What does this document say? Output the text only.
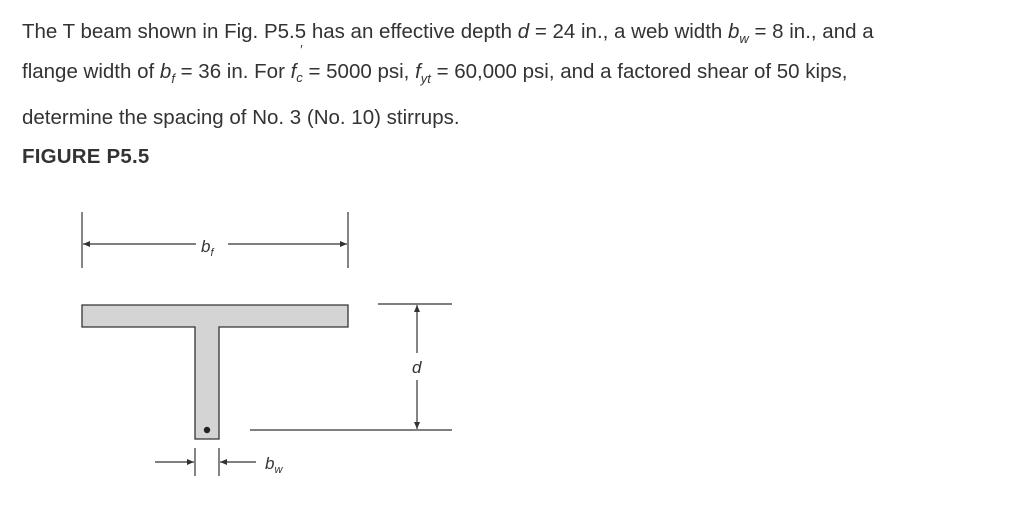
The T beam shown in Fig. P5.5 has an effective depth d = 24 in., a web width $b_w = 8$ in., and a
flange width of $b_f = 36$ in. For f
′
c = 5000 psi, $f_{yt} = 60,000$ psi, and a factored shear of 50 kips,
determine the spacing of No. 3 (No. 10) stirrups.
FIGURE P5.5
$b_f$
d
$b_w$
